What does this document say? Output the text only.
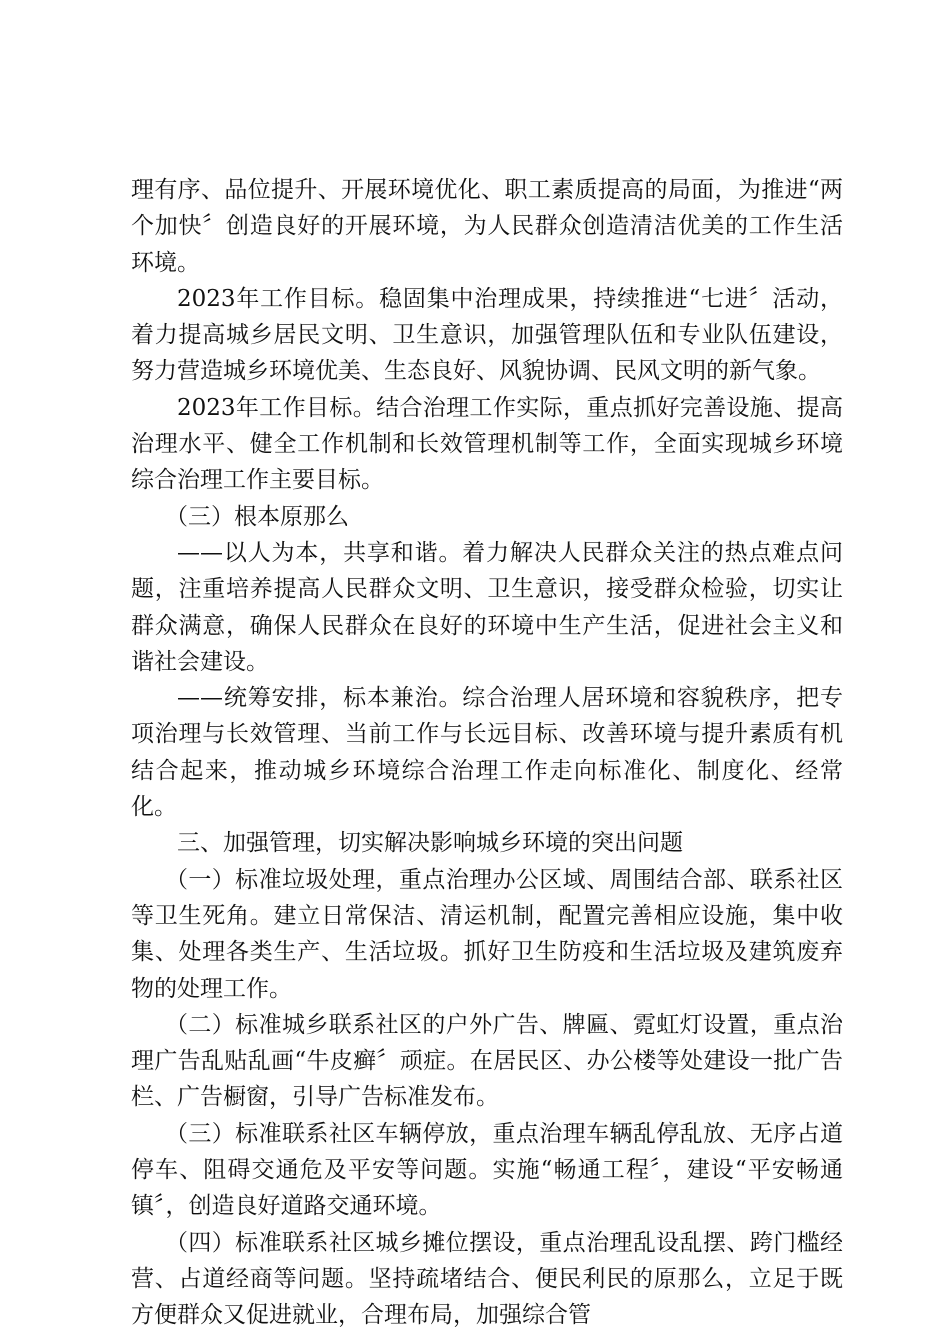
理有序、品位提升、开展环境优化、职工素质提高的局面，为推进“两个加快〞创造良好的开展环境，为人民群众创造清洁优美的工作生活环境。

2023年工作目标。稳固集中治理成果，持续推进“七进〞活动，着力提高城乡居民文明、卫生意识，加强管理队伍和专业队伍建设，努力营造城乡环境优美、生态良好、风貌协调、民风文明的新气象。

2023年工作目标。结合治理工作实际，重点抓好完善设施、提高治理水平、健全工作机制和长效管理机制等工作，全面实现城乡环境综合治理工作主要目标。

（三）根本原那么

——以人为本，共享和谐。着力解决人民群众关注的热点难点问题，注重培养提高人民群众文明、卫生意识，接受群众检验，切实让群众满意，确保人民群众在良好的环境中生产生活，促进社会主义和谐社会建设。

——统筹安排，标本兼治。综合治理人居环境和容貌秩序，把专项治理与长效管理、当前工作与长远目标、改善环境与提升素质有机结合起来，推动城乡环境综合治理工作走向标准化、制度化、经常化。

三、加强管理，切实解决影响城乡环境的突出问题

（一）标准垃圾处理，重点治理办公区域、周围结合部、联系社区等卫生死角。建立日常保洁、清运机制，配置完善相应设施，集中收集、处理各类生产、生活垃圾。抓好卫生防疫和生活垃圾及建筑废弃物的处理工作。

（二）标准城乡联系社区的户外广告、牌匾、霓虹灯设置，重点治理广告乱贴乱画“牛皮癣〞顽症。在居民区、办公楼等处建设一批广告栏、广告橱窗，引导广告标准发布。

（三）标准联系社区车辆停放，重点治理车辆乱停乱放、无序占道停车、阻碍交通危及平安等问题。实施“畅通工程〞，建设“平安畅通镇〞，创造良好道路交通环境。

（四）标准联系社区城乡摊位摆设，重点治理乱设乱摆、跨门槛经营、占道经商等问题。坚持疏堵结合、便民利民的原那么，立足于既方便群众又促进就业，合理布局，加强综合管
